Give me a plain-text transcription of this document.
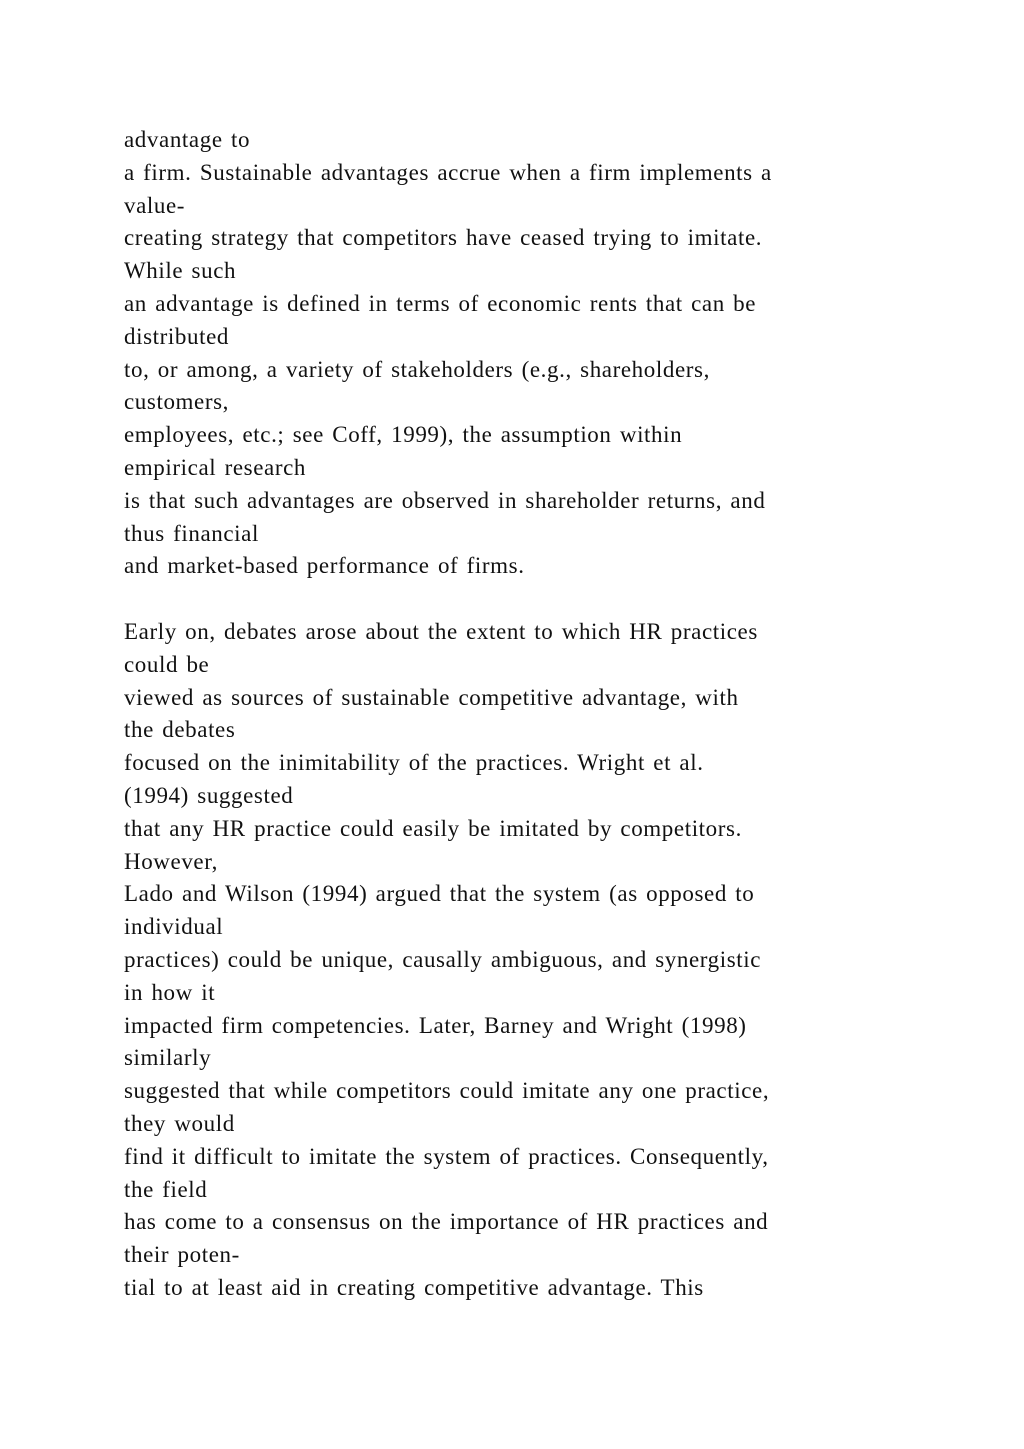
advantage to
a firm. Sustainable advantages accrue when a firm implements a
value-
creating strategy that competitors have ceased trying to imitate.
While such
an advantage is defined in terms of economic rents that can be
distributed
to, or among, a variety of stakeholders (e.g., shareholders,
customers,
employees, etc.; see Coff, 1999), the assumption within
empirical research
is that such advantages are observed in shareholder returns, and
thus financial
and market-based performance of firms.
Early on, debates arose about the extent to which HR practices
could be
viewed as sources of sustainable competitive advantage, with
the debates
focused on the inimitability of the practices. Wright et al.
(1994) suggested
that any HR practice could easily be imitated by competitors.
However,
Lado and Wilson (1994) argued that the system (as opposed to
individual
practices) could be unique, causally ambiguous, and synergistic
in how it
impacted firm competencies. Later, Barney and Wright (1998)
similarly
suggested that while competitors could imitate any one practice,
they would
find it difficult to imitate the system of practices. Consequently,
the field
has come to a consensus on the importance of HR practices and
their poten-
tial to at least aid in creating competitive advantage. This
